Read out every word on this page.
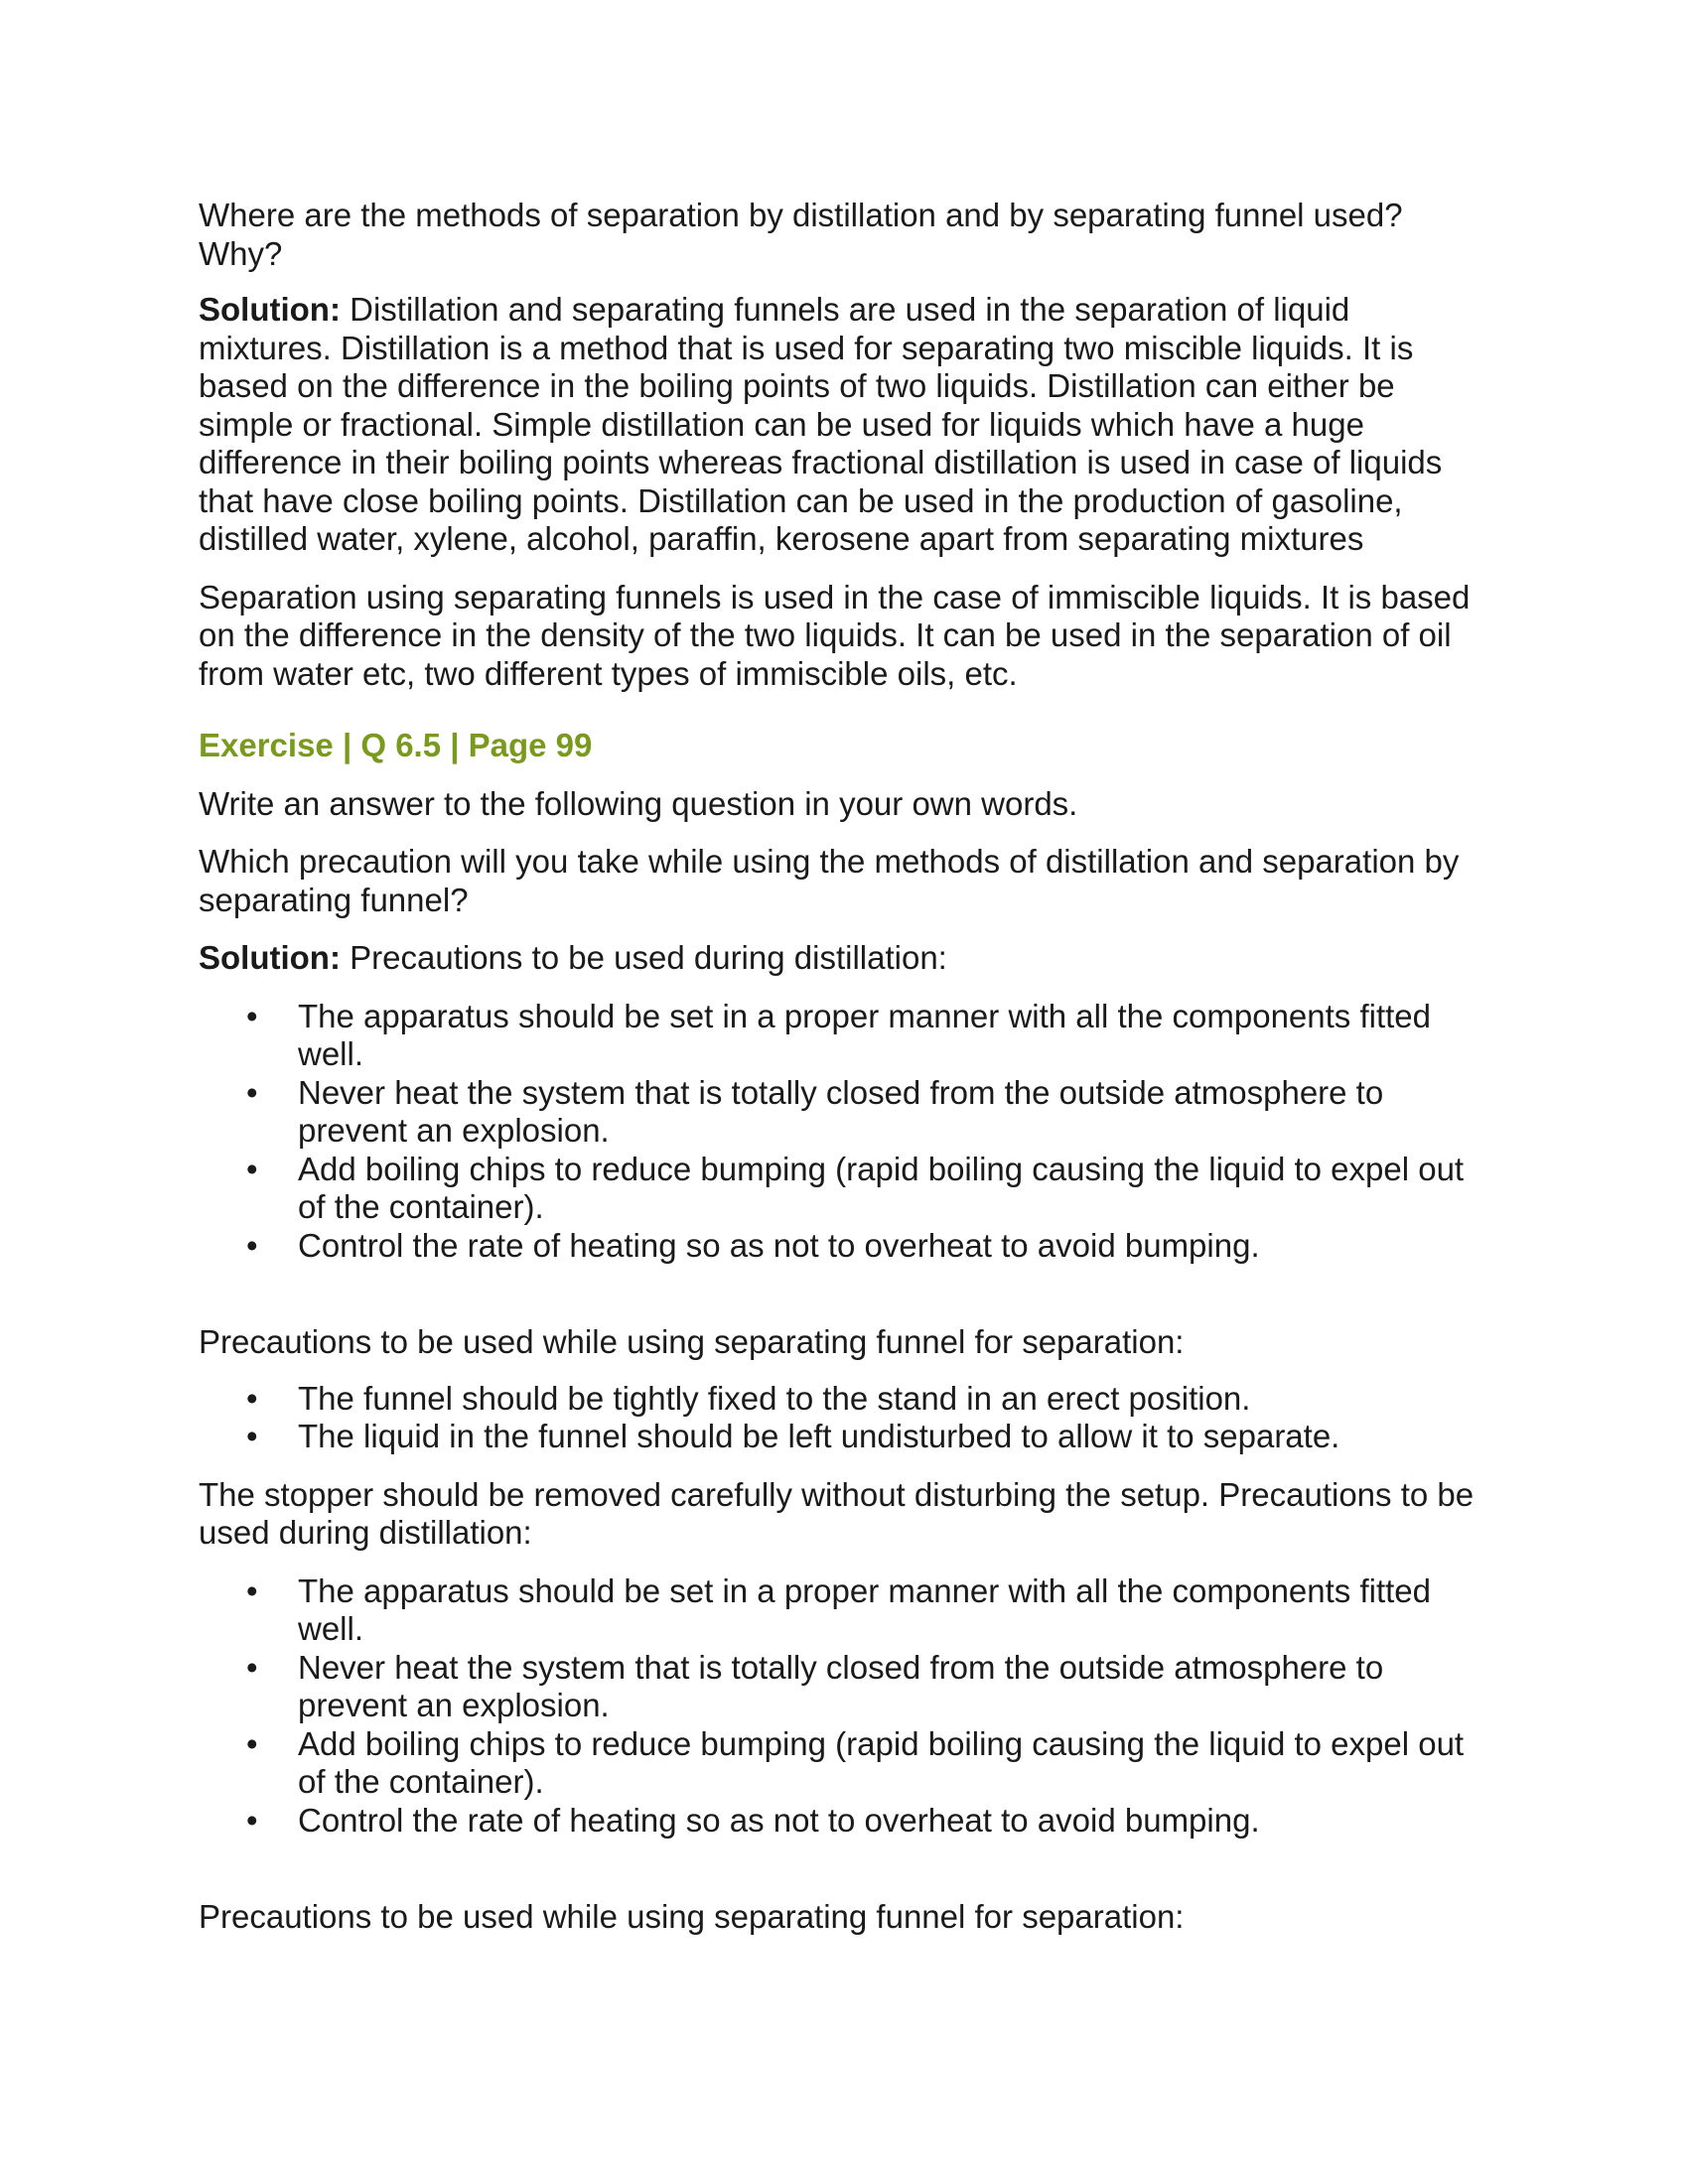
Where are the methods of separation by distillation and by separating funnel used? Why?

Solution: Distillation and separating funnels are used in the separation of liquid mixtures. Distillation is a method that is used for separating two miscible liquids. It is based on the difference in the boiling points of two liquids. Distillation can either be simple or fractional. Simple distillation can be used for liquids which have a huge difference in their boiling points whereas fractional distillation is used in case of liquids that have close boiling points. Distillation can be used in the production of gasoline, distilled water, xylene, alcohol, paraffin, kerosene apart from separating mixtures

Separation using separating funnels is used in the case of immiscible liquids. It is based on the difference in the density of the two liquids. It can be used in the separation of oil from water etc, two different types of immiscible oils, etc.

Exercise | Q 6.5 | Page 99

Write an answer to the following question in your own words.

Which precaution will you take while using the methods of distillation and separation by separating funnel?

Solution: Precautions to be used during distillation:

• The apparatus should be set in a proper manner with all the components fitted well.
• Never heat the system that is totally closed from the outside atmosphere to prevent an explosion.
• Add boiling chips to reduce bumping (rapid boiling causing the liquid to expel out of the container).
• Control the rate of heating so as not to overheat to avoid bumping.

Precautions to be used while using separating funnel for separation:

• The funnel should be tightly fixed to the stand in an erect position.
• The liquid in the funnel should be left undisturbed to allow it to separate.

The stopper should be removed carefully without disturbing the setup. Precautions to be used during distillation:

• The apparatus should be set in a proper manner with all the components fitted well.
• Never heat the system that is totally closed from the outside atmosphere to prevent an explosion.
• Add boiling chips to reduce bumping (rapid boiling causing the liquid to expel out of the container).
• Control the rate of heating so as not to overheat to avoid bumping.

Precautions to be used while using separating funnel for separation:
